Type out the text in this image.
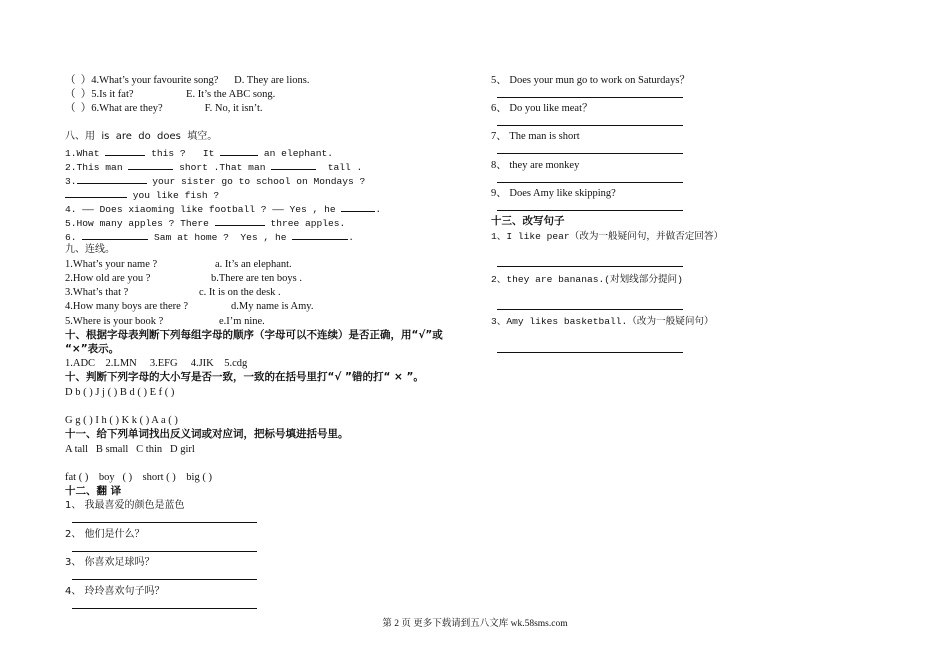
（  ）4.What’s your favourite song?      D. They are lions.
（  ）5.Is it fat?                    E. It’s the ABC song.
（  ）6.What are they?                F. No, it isn’t.
八、用  is  are  do  does  填空。
1.What	this ?   It	an elephant.
2.This man	short .That man	tall .
3.	your sister go to school on Mondays ?
you like fish ?
4. —— Does xiaoming like football ? —— Yes , he	.
5.How many apples ? There	three apples.
6.	Sam at home ?  Yes , he	.
九、连线。
1.What’s your name ?	a. It’s an elephant.
2.How old are you ?	b.There are ten boys .
3.What’s that ?	c. It is on the desk .
4.How many boys are there ?	d.My name is Amy.
5.Where is your book ?	e.I’m nine.
十、根据字母表判断下列每组字母的顺序（字母可以不连续）是否正确，用“√”或
“×”表示。
1.ADC    2.LMN     3.EFG     4.JIK    5.cdg
十、判断下列字母的大小写是否一致，一致的在括号里打“√ ”错的打“ × ”。
D b ( ) J j ( ) B d ( ) E f ( )
G g ( ) I h ( ) K k ( ) A a ( )
十一、给下列单词找出反义词或对应词，把标号填进括号里。
A tall   B small   C thin   D girl
fat ( )    boy   ( )    short ( )    big ( )
十二、翻 译
1、 我最喜爱的颜色是蓝色
2、 他们是什么？
3、 你喜欢足球吗？
4、 玲玲喜欢句子吗？
5、 Does your mun go to work on Saturdays？
6、 Do you like meat？
7、 The man is short
8、 they are monkey
9、 Does Amy like skipping?
十三、改写句子
1、I like pear（改为一般疑问句，并做否定回答）
2、they are bananas.(对划线部分提问)
3、Amy likes basketball.（改为一般疑问句）
第 2 页 更多下载请到五八文库 wk.58sms.com
